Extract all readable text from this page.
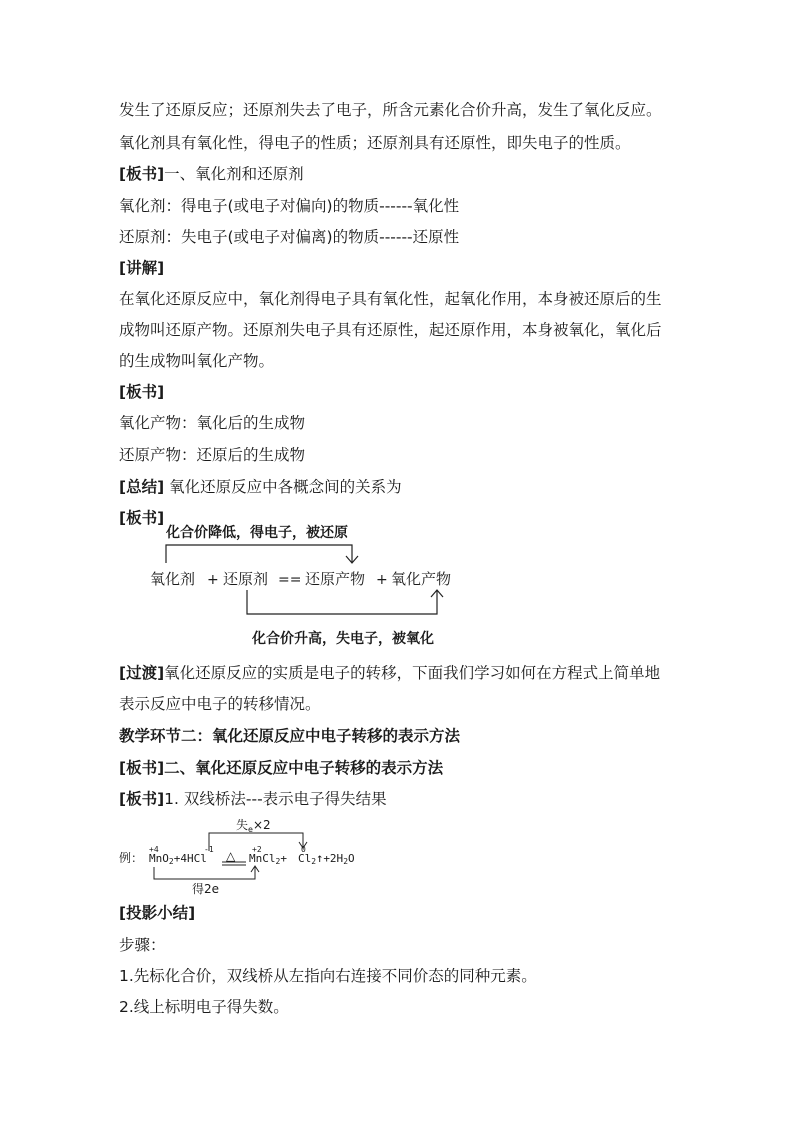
发生了还原反应；还原剂失去了电子，所含元素化合价升高，发生了氧化反应。
氧化剂具有氧化性，得电子的性质；还原剂具有还原性，即失电子的性质。
[板书]一、氧化剂和还原剂
氧化剂：得电子(或电子对偏向)的物质------氧化性
还原剂：失电子(或电子对偏离)的物质------还原性
[讲解]
在氧化还原反应中，氧化剂得电子具有氧化性，起氧化作用，本身被还原后的生
成物叫还原产物。还原剂失电子具有还原性，起还原作用，本身被氧化，氧化后
的生成物叫氧化产物。
[板书]
氧化产物：氧化后的生成物
还原产物：还原后的生成物
[总结] 氧化还原反应中各概念间的关系为
[板书]
化合价降低，得电子，被还原
氧化剂 + 还原剂 == 还原产物 + 氧化产物
化合价升高，失电子，被氧化
[过渡]氧化还原反应的实质是电子的转移，下面我们学习如何在方程式上简单地
表示反应中电子的转移情况。
教学环节二：氧化还原反应中电子转移的表示方法
[板书]二、氧化还原反应中电子转移的表示方法
[板书]1. 双线桥法---表示电子得失结果
失$_e$×2
例：
+4
MnO2+4HCl
-1 △ +2
MnCl2+
0
Cl2↑+2H2O
得2e
[投影小结]
步骤：
1.先标化合价，双线桥从左指向右连接不同价态的同种元素。
2.线上标明电子得失数。
